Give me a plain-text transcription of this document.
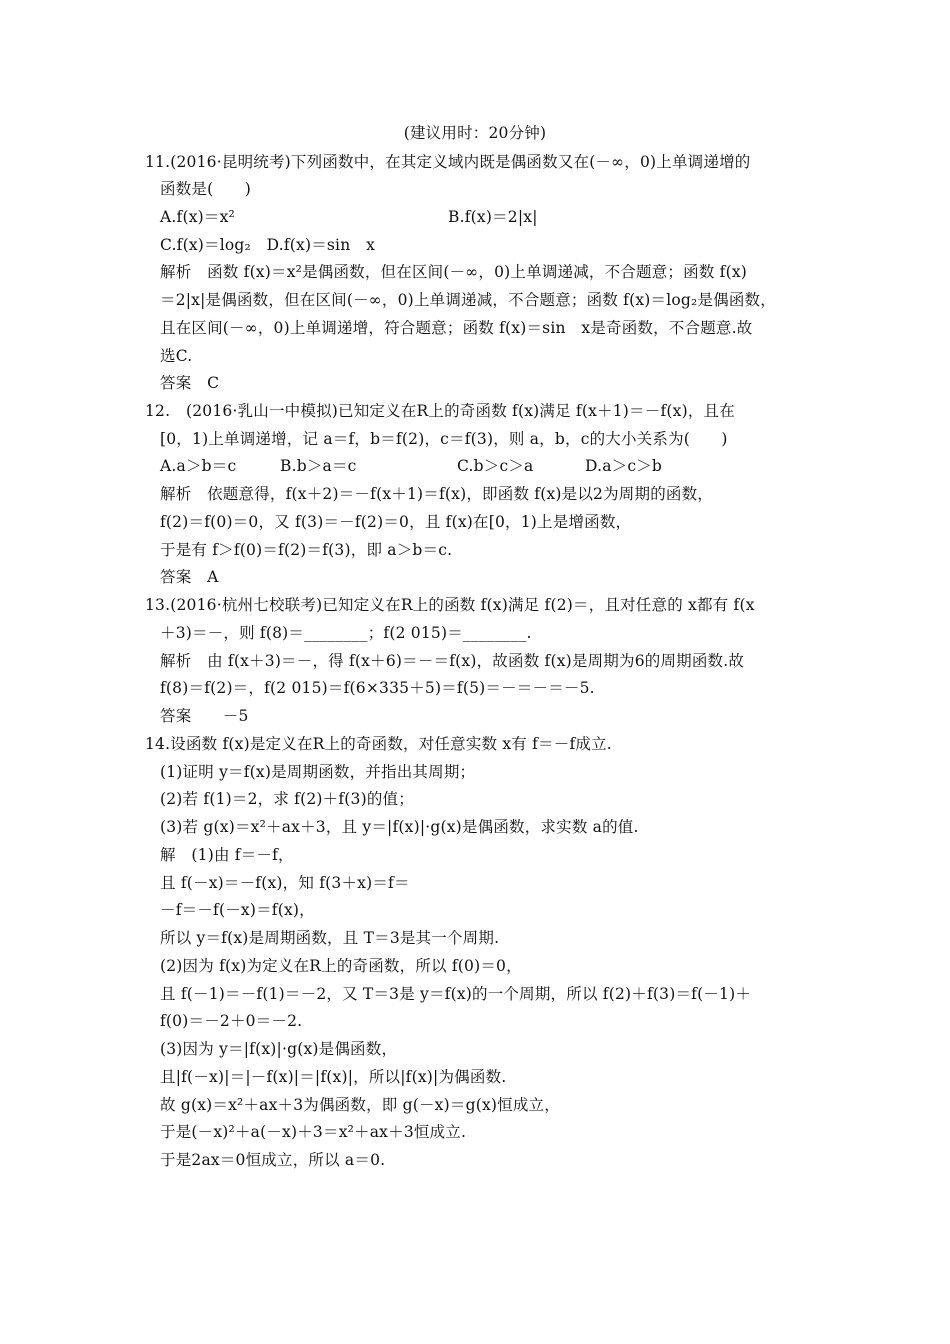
(建议用时：20分钟)
11.(2016·昆明统考)下列函数中，在其定义域内既是偶函数又在(－∞，0)上单调递增的
函数是(　　)
A.f(x)＝x²	B.f(x)＝2|x|
C.f(x)＝log₂　D.f(x)＝sin　x
解析　函数 f(x)＝x²是偶函数，但在区间(－∞，0)上单调递减，不合题意；函数 f(x)
＝2|x|是偶函数，但在区间(－∞，0)上单调递减，不合题意；函数 f(x)＝log₂是偶函数，
且在区间(－∞，0)上单调递增，符合题意；函数 f(x)＝sin　x是奇函数，不合题意.故
选C.
答案　C
12.　(2016·乳山一中模拟)已知定义在R上的奇函数 f(x)满足 f(x＋1)＝－f(x)，且在
[0，1)上单调递增，记 a＝f，b＝f(2)，c＝f(3)，则 a，b，c的大小关系为(　　)
A.a＞b＝c	B.b＞a＝c	C.b＞c＞a	D.a＞c＞b
解析　依题意得，f(x＋2)＝－f(x＋1)＝f(x)，即函数 f(x)是以2为周期的函数，
f(2)＝f(0)＝0，又 f(3)＝－f(2)＝0，且 f(x)在[0，1)上是增函数，
于是有 f＞f(0)＝f(2)＝f(3)，即 a＞b＝c.
答案　A
13.(2016·杭州七校联考)已知定义在R上的函数 f(x)满足 f(2)＝，且对任意的 x都有 f(x
＋3)＝－，则 f(8)＝________；f(2 015)＝________.
解析　由 f(x＋3)＝－，得 f(x＋6)＝－＝f(x)，故函数 f(x)是周期为6的周期函数.故
f(8)＝f(2)＝，f(2 015)＝f(6×335＋5)＝f(5)＝－＝－＝－5.
答案　　－5
14.设函数 f(x)是定义在R上的奇函数，对任意实数 x有 f＝－f成立.
(1)证明 y＝f(x)是周期函数，并指出其周期；
(2)若 f(1)＝2，求 f(2)＋f(3)的值；
(3)若 g(x)＝x²＋ax＋3，且 y＝|f(x)|·g(x)是偶函数，求实数 a的值.
解　(1)由 f＝－f，
且 f(－x)＝－f(x)，知 f(3＋x)＝f＝
－f＝－f(－x)＝f(x)，
所以 y＝f(x)是周期函数，且 T＝3是其一个周期.
(2)因为 f(x)为定义在R上的奇函数，所以 f(0)＝0，
且 f(－1)＝－f(1)＝－2，又 T＝3是 y＝f(x)的一个周期，所以 f(2)＋f(3)＝f(－1)＋
f(0)＝－2＋0＝－2.
(3)因为 y＝|f(x)|·g(x)是偶函数，
且|f(－x)|＝|－f(x)|＝|f(x)|，所以|f(x)|为偶函数.
故 g(x)＝x²＋ax＋3为偶函数，即 g(－x)＝g(x)恒成立，
于是(－x)²＋a(－x)＋3＝x²＋ax＋3恒成立.
于是2ax＝0恒成立，所以 a＝0.
